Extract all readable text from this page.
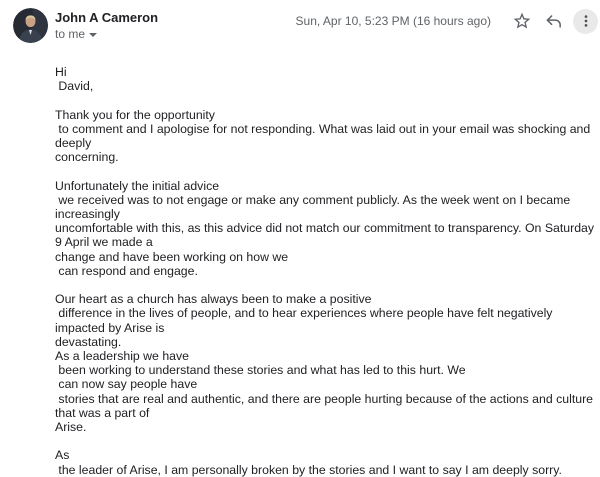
John A Cameron
to me
Sun, Apr 10, 5:23 PM (16 hours ago)
Hi
David,
Thank you for the opportunity
to comment and I apologise for not responding. What was laid out in your email was shocking and deeply
concerning.
Unfortunately the initial advice
we received was to not engage or make any comment publicly. As the week went on I became increasingly
uncomfortable with this, as this advice did not match our commitment to transparency. On Saturday 9 April we made a
change and have been working on how we
can respond and engage.
Our heart as a church has always been to make a positive
difference in the lives of people, and to hear experiences where people have felt negatively impacted by Arise is
devastating.
As a leadership we have
been working to understand these stories and what has led to this hurt. We
can now say people have
stories that are real and authentic, and there are people hurting because of the actions and culture that was a part of
Arise.
As
the leader of Arise, I am personally broken by the stories and I want to say I am deeply sorry.
